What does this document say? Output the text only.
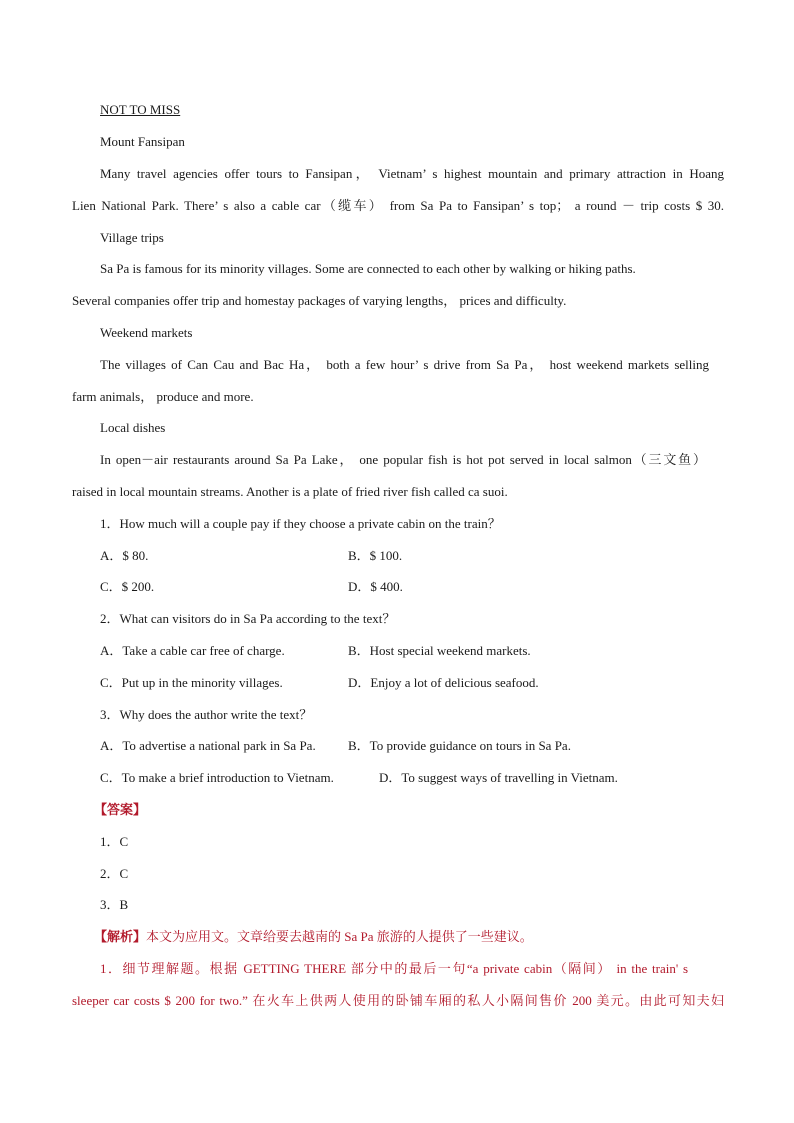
NOT TO MISS
Mount Fansipan
Many travel agencies offer tours to Fansipan， Vietnam’ s highest mountain and primary attraction in Hoang
Lien National Park. There’ s also a cable car（缆车） from Sa Pa to Fansipan’ s top； a round － trip costs $ 30.
Village trips
Sa Pa is famous for its minority villages. Some are connected to each other by walking or hiking paths.
Several companies offer trip and homestay packages of varying lengths， prices and difficulty.
Weekend markets
The villages of Can Cau and Bac Ha， both a few hour’ s drive from Sa Pa， host weekend markets selling
farm animals， produce and more.
Local dishes
In open－air restaurants around Sa Pa Lake， one popular fish is hot pot served in local salmon（三文鱼）
raised in local mountain streams. Another is a plate of fried river fish called ca suoi.
1．How much will a couple pay if they choose a private cabin on the train？
A．$ 80.	B．$ 100.
C．$ 200.	D．$ 400.
2．What can visitors do in Sa Pa according to the text？
A．Take a cable car free of charge.	B．Host special weekend markets.
C．Put up in the minority villages.	D．Enjoy a lot of delicious seafood.
3．Why does the author write the text？
A．To advertise a national park in Sa Pa. B．To provide guidance on tours in Sa Pa.
C．To make a brief introduction to Vietnam.	D．To suggest ways of travelling in Vietnam.
【答案】
1．C
2．C
3．B
【解析】本文为应用文。文章给要去越南的 Sa Pa 旅游的人提供了一些建议。
1．细节理解题。根据 GETTING THERE 部分中的最后一句“a private cabin（隔间） in the train' s
sleeper car costs $ 200 for two.” 在火车上供两人使用的卧铺车厢的私人小隔间售价 200 美元。由此可知夫妇
